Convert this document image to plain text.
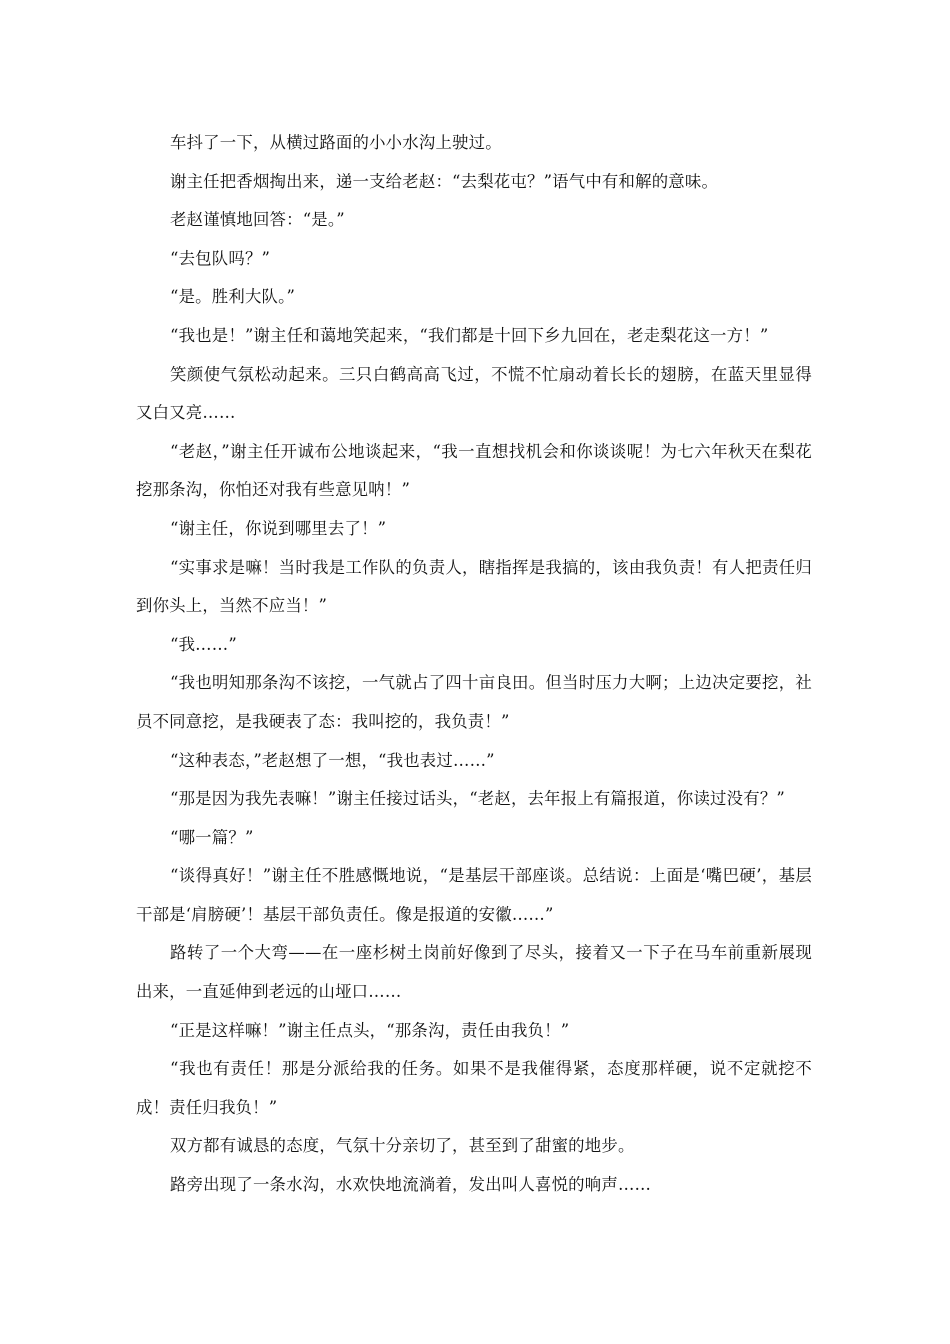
车抖了一下，从横过路面的小小水沟上驶过。

谢主任把香烟掏出来，递一支给老赵：“去梨花屯？”语气中有和解的意味。

老赵谨慎地回答：“是。”

“去包队吗？”

“是。胜利大队。”

“我也是！”谢主任和蔼地笑起来，“我们都是十回下乡九回在，老走梨花这一方！”

笑颜使气氛松动起来。三只白鹤高高飞过，不慌不忙扇动着长长的翅膀，在蓝天里显得又白又亮……

“老赵，”谢主任开诚布公地谈起来，“我一直想找机会和你谈谈呢！为七六年秋天在梨花挖那条沟，你怕还对我有些意见呐！”

“谢主任，你说到哪里去了！”

“实事求是嘛！当时我是工作队的负责人，瞎指挥是我搞的，该由我负责！有人把责任归到你头上，当然不应当！”

“我……”

“我也明知那条沟不该挖，一气就占了四十亩良田。但当时压力大啊；上边决定要挖，社员不同意挖，是我硬表了态：我叫挖的，我负责！”

“这种表态，”老赵想了一想，“我也表过……”

“那是因为我先表嘛！”谢主任接过话头，“老赵，去年报上有篇报道，你读过没有？”

“哪一篇？”

“谈得真好！”谢主任不胜感慨地说，“是基层干部座谈。总结说：上面是‘嘴巴硬’，基层干部是‘肩膀硬’！基层干部负责任。像是报道的安徽……”

路转了一个大弯——在一座杉树土岗前好像到了尽头，接着又一下子在马车前重新展现出来，一直延伸到老远的山垭口……

“正是这样嘛！”谢主任点头，“那条沟，责任由我负！”

“我也有责任！那是分派给我的任务。如果不是我催得紧，态度那样硬，说不定就挖不成！责任归我负！”

双方都有诚恳的态度，气氛十分亲切了，甚至到了甜蜜的地步。

路旁出现了一条水沟，水欢快地流淌着，发出叫人喜悦的响声……
